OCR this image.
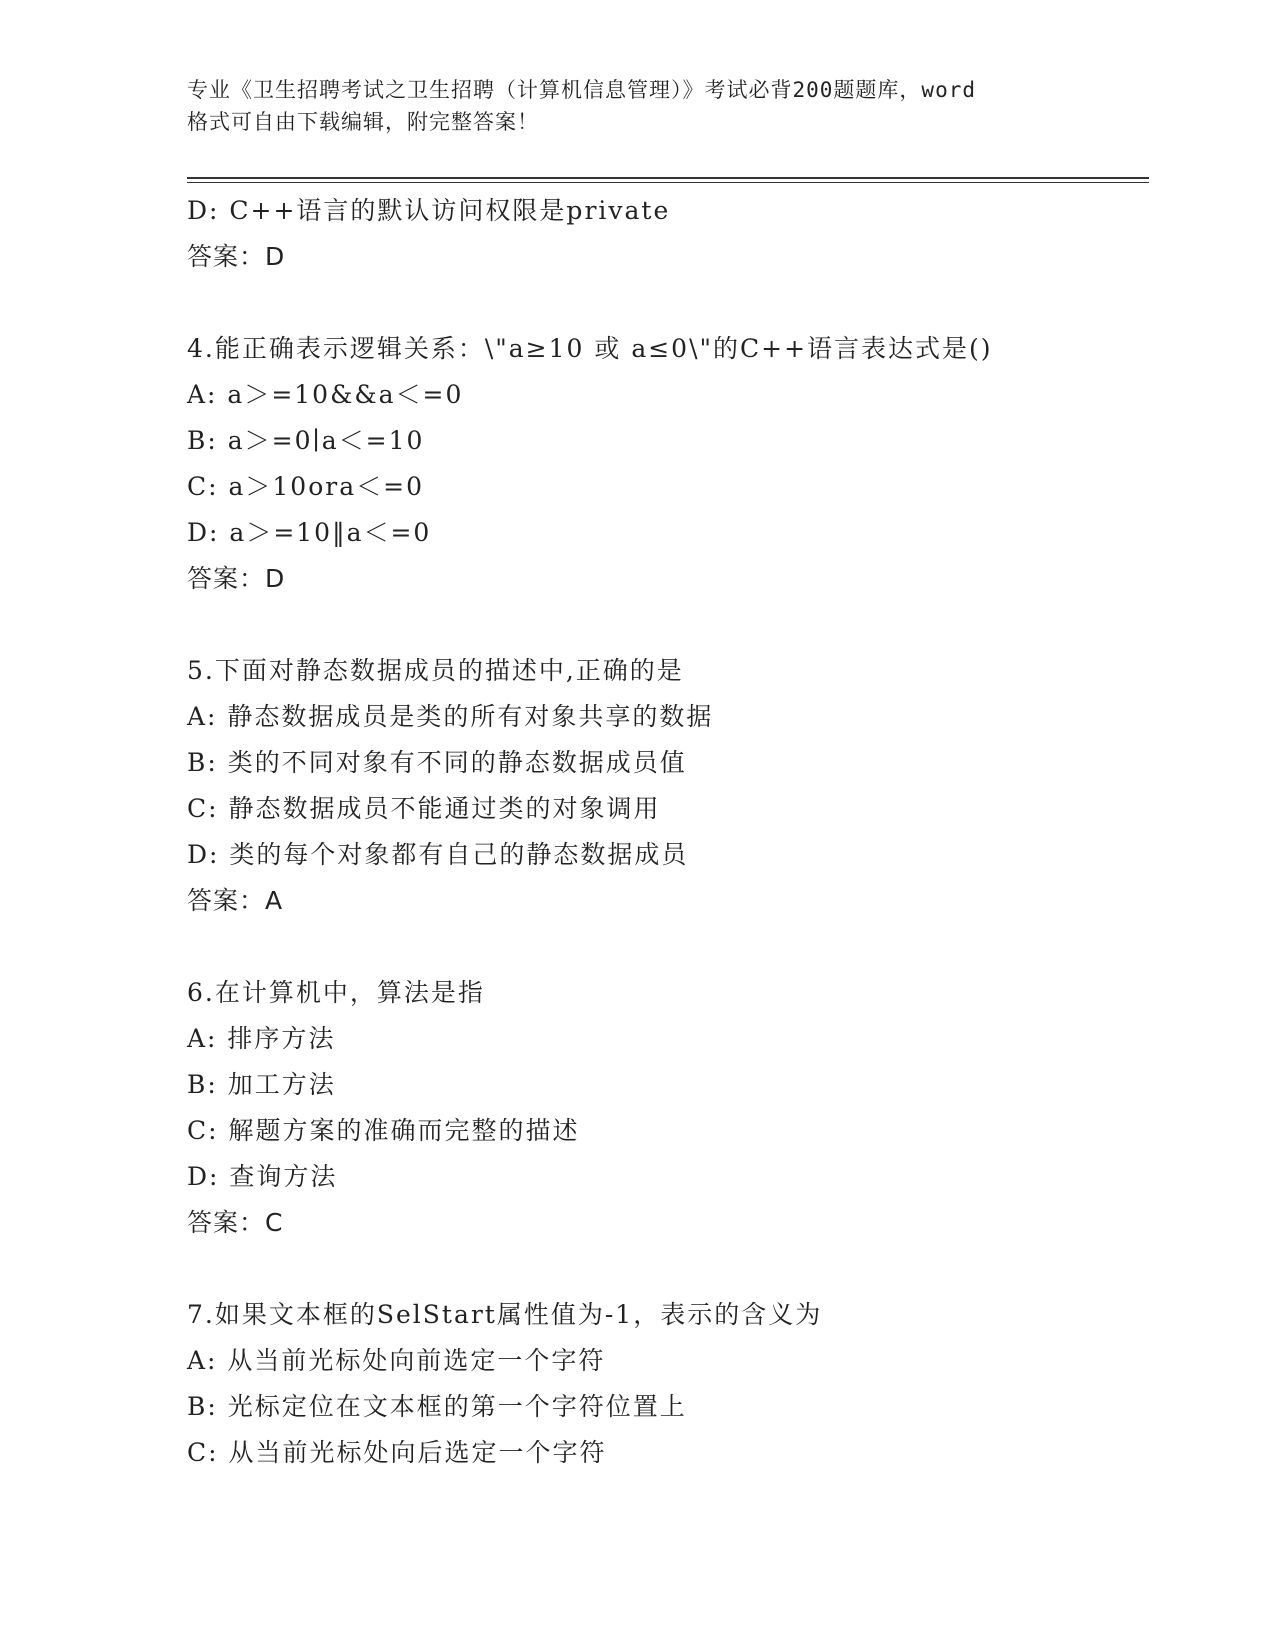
专业《卫生招聘考试之卫生招聘（计算机信息管理）》考试必背200题题库，word
格式可自由下载编辑，附完整答案！
D: C++语言的默认访问权限是private
答案：D
4.能正确表示逻辑关系：\"a≥10 或 a≤0\"的C++语言表达式是()
A: a＞=10&&a＜=0
B: a＞=0∣a＜=10
C: a＞10ora＜=0
D: a＞=10‖a＜=0
答案：D
5.下面对静态数据成员的描述中,正确的是
A: 静态数据成员是类的所有对象共享的数据
B: 类的不同对象有不同的静态数据成员值
C: 静态数据成员不能通过类的对象调用
D: 类的每个对象都有自己的静态数据成员
答案：A
6.在计算机中，算法是指
A: 排序方法
B: 加工方法
C: 解题方案的准确而完整的描述
D: 查询方法
答案：C
7.如果文本框的SelStart属性值为-1，表示的含义为
A: 从当前光标处向前选定一个字符
B: 光标定位在文本框的第一个字符位置上
C: 从当前光标处向后选定一个字符
